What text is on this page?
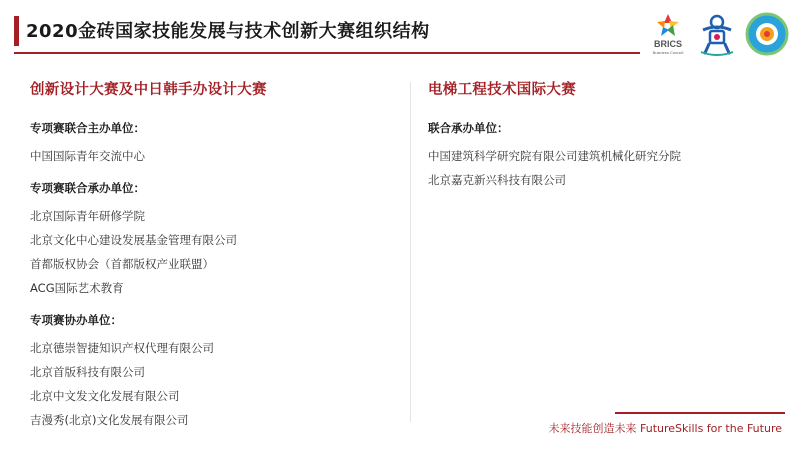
2020金砖国家技能发展与技术创新大赛组织结构
BRICS
Business Council
创新设计大赛及中日韩手办设计大赛
专项赛联合主办单位：
中国国际青年交流中心
专项赛联合承办单位：
北京国际青年研修学院
北京文化中心建设发展基金管理有限公司
首都版权协会（首都版权产业联盟）
ACG国际艺术教育
专项赛协办单位：
北京德崇智捷知识产权代理有限公司
北京首版科技有限公司
北京中文发文化发展有限公司
吉漫秀(北京)文化发展有限公司
电梯工程技术国际大赛
联合承办单位：
中国建筑科学研究院有限公司建筑机械化研究分院
北京嘉克新兴科技有限公司
未来技能创造未来 FutureSkills for the Future
